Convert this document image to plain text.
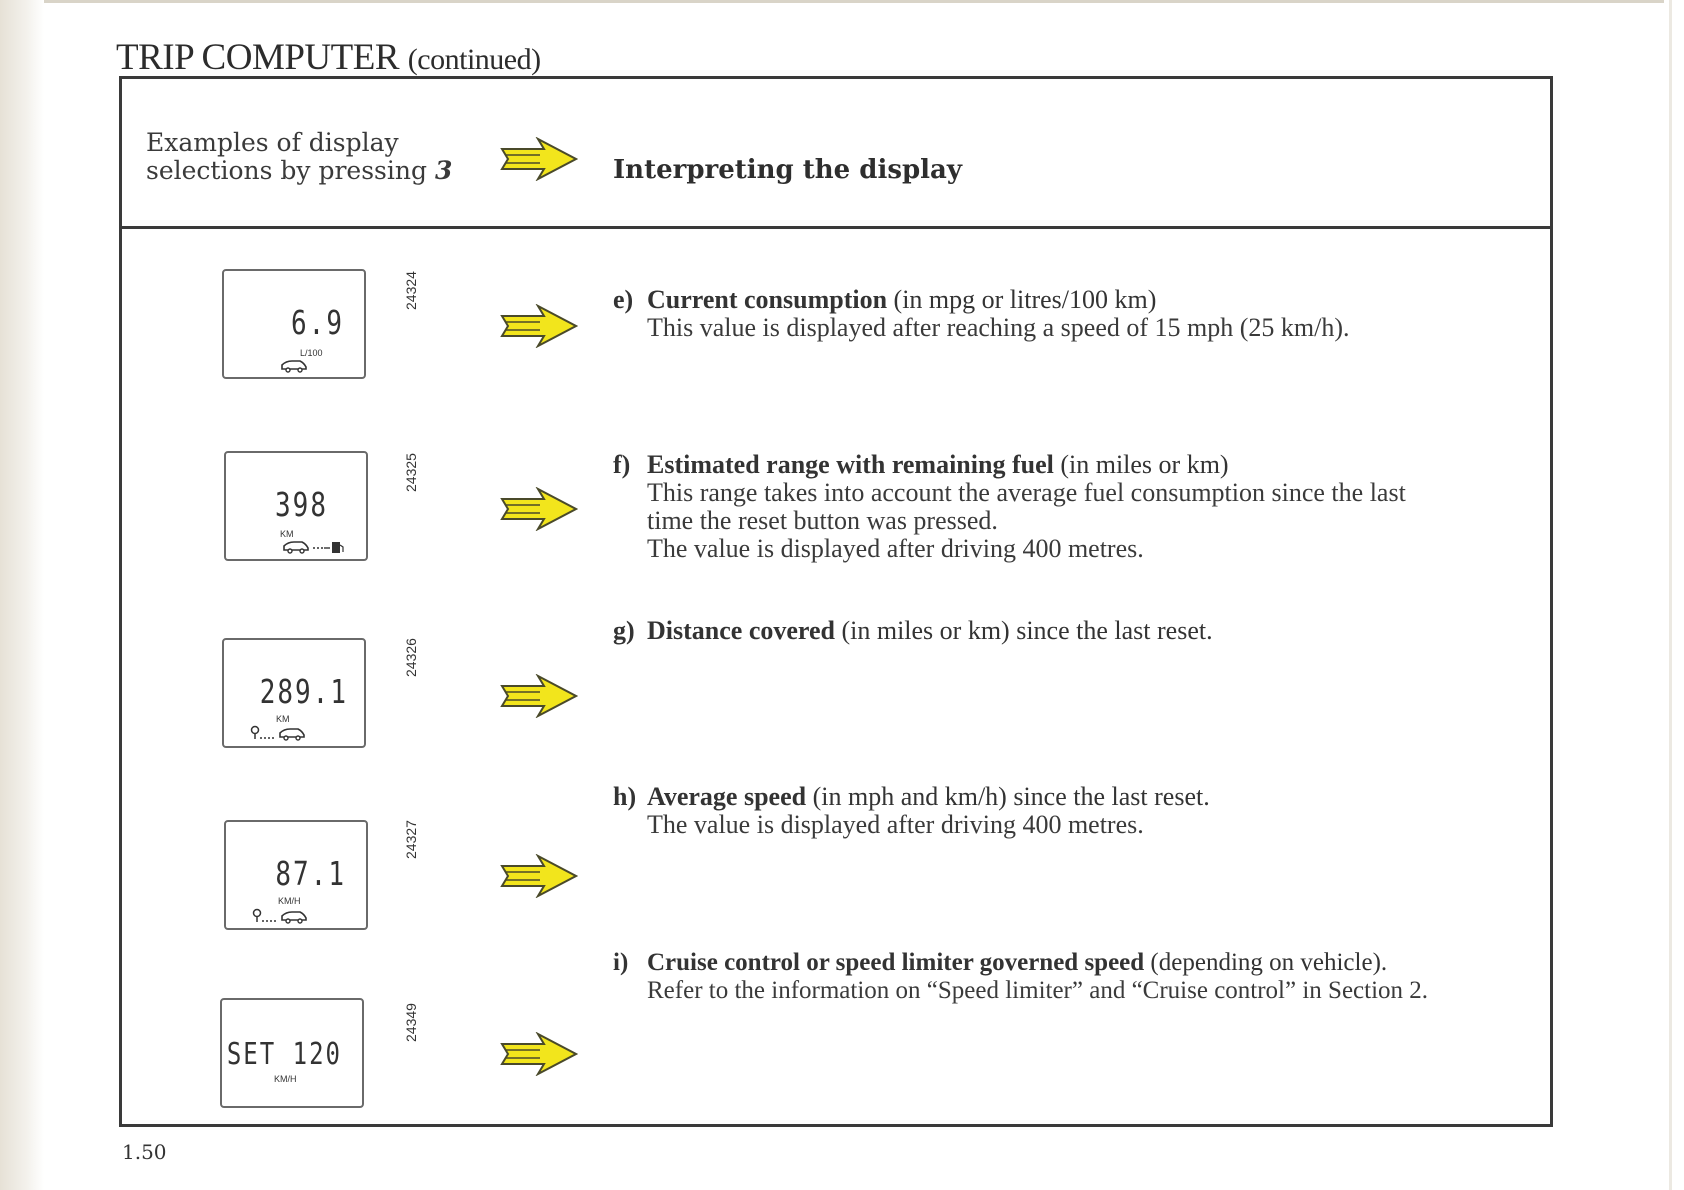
TRIP COMPUTER (continued)
Examples of display
selections by pressing 3	Interpreting the display
6.9
L/100
398
KM
289.1
KM
87.1
KM/H
SET 120
KM/H
24324
24325
24326
24327
24349
e) Current consumption (in mpg or litres/100 km)
This value is displayed after reaching a speed of 15 mph (25 km/h).
f) Estimated range with remaining fuel (in miles or km)
This range takes into account the average fuel consumption since the last
time the reset button was pressed.
The value is displayed after driving 400 metres.
g) Distance covered (in miles or km) since the last reset.
h) Average speed (in mph and km/h) since the last reset.
The value is displayed after driving 400 metres.
i) Cruise control or speed limiter governed speed (depending on vehicle).
Refer to the information on “Speed limiter” and “Cruise control” in Section 2.
1.50
